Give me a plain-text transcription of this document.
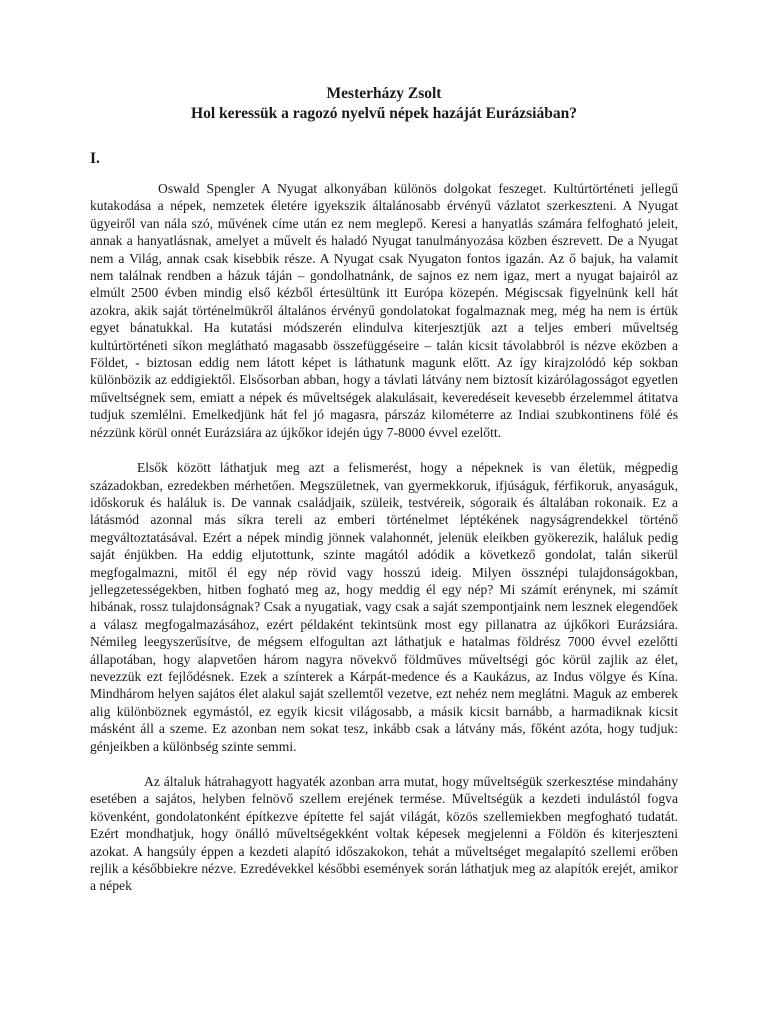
Mesterházy Zsolt
Hol keressük a ragozó nyelvű népek hazáját Eurázsiában?
I.

Oswald Spengler A Nyugat alkonyában különös dolgokat feszeget. Kultúrtörténeti jellegű kutakodása a népek, nemzetek életére igyekszik általánosabb érvényű vázlatot szerkeszteni. A Nyugat ügyeiről van nála szó, művének címe után ez nem meglepő. Keresi a hanyatlás számára felfogható jeleit, annak a hanyatlásnak, amelyet a művelt és haladó Nyugat tanulmányozása közben észrevett. De a Nyugat nem a Világ, annak csak kisebbik része. A Nyugat csak Nyugaton fontos igazán. Az ő bajuk, ha valamit nem találnak rendben a házuk táján – gondolhatnánk, de sajnos ez nem igaz, mert a nyugat bajairól az elmúlt 2500 évben mindig első kézből értesültünk itt Európa közepén. Mégiscsak figyelnünk kell hát azokra, akik saját történelmükről általános érvényű gondolatokat fogalmaznak meg, még ha nem is értük egyet bánatukkal. Ha kutatási módszerén elindulva kiterjesztjük azt a teljes emberi műveltség kultúrtörténeti síkon meglátható magasabb összefüggéseire – talán kicsit távolabbról is nézve eközben a Földet, - biztosan eddig nem látott képet is láthatunk magunk előtt. Az így kirajzolódó kép sokban különbözik az eddigiektől. Elsősorban abban, hogy a távlati látvány nem biztosít kizárólagosságot egyetlen műveltségnek sem, emiatt a népek és műveltségek alakulásait, keveredéseit kevesebb érzelemmel átitatva tudjuk szemlélni. Emelkedjünk hát fel jó magasra, párszáz kilométerre az Indiai szubkontinens fölé és nézzünk körül onnét Eurázsiára az újkőkor idején úgy 7-8000 évvel ezelőtt.

Elsők között láthatjuk meg azt a felismerést, hogy a népeknek is van életük, mégpedig századokban, ezredekben mérhetően. Megszületnek, van gyermekkoruk, ifjúságuk, férfikoruk, anyaságuk, időskoruk és haláluk is. De vannak családjaik, szüleik, testvéreik, sógoraik és általában rokonaik. Ez a látásmód azonnal más síkra tereli az emberi történelmet léptékének nagyságrendekkel történő megváltoztatásával. Ezért a népek mindig jönnek valahonnét, jelenük eleikben gyökerezik, haláluk pedig saját énjükben. Ha eddig eljutottunk, szinte magától adódik a következő gondolat, talán sikerül megfogalmazni, mitől él egy nép rövid vagy hosszú ideig. Milyen össznépi tulajdonságokban, jellegzetességekben, hitben fogható meg az, hogy meddig él egy nép? Mi számít erénynek, mi számít hibának, rossz tulajdonságnak? Csak a nyugatiak, vagy csak a saját szempontjaink nem lesznek elegendőek a válasz megfogalmazásához, ezért példaként tekintsünk most egy pillanatra az újkőkori Eurázsiára. Némileg leegyszerűsítve, de mégsem elfogultan azt láthatjuk e hatalmas földrész 7000 évvel ezelőtti állapotában, hogy alapvetően három nagyra növekvő földműves műveltségi góc körül zajlik az élet, nevezzük ezt fejlődésnek. Ezek a színterek a Kárpát-medence és a Kaukázus, az Indus völgye és Kína. Mindhárom helyen sajátos élet alakul saját szellemtől vezetve, ezt nehéz nem meglátni. Maguk az emberek alig különböznek egymástól, ez egyik kicsit világosabb, a másik kicsit barnább, a harmadiknak kicsit másként áll a szeme. Ez azonban nem sokat tesz, inkább csak a látvány más, főként azóta, hogy tudjuk: génjeikben a különbség szinte semmi.

Az általuk hátrahagyott hagyaték azonban arra mutat, hogy műveltségük szerkesztése mindahány esetében a sajátos, helyben felnövő szellem erejének termése. Műveltségük a kezdeti indulástól fogva kövenként, gondolatonként építkezve építette fel saját világát, közös szellemiekben megfogható tudatát. Ezért mondhatjuk, hogy önálló műveltségekként voltak képesek megjelenni a Földön és kiterjeszteni azokat. A hangsúly éppen a kezdeti alapító időszakokon, tehát a műveltséget megalapító szellemi erőben rejlik a későbbiekre nézve. Ezredévekkel későbbi események során láthatjuk meg az alapítók erejét, amikor a népek
